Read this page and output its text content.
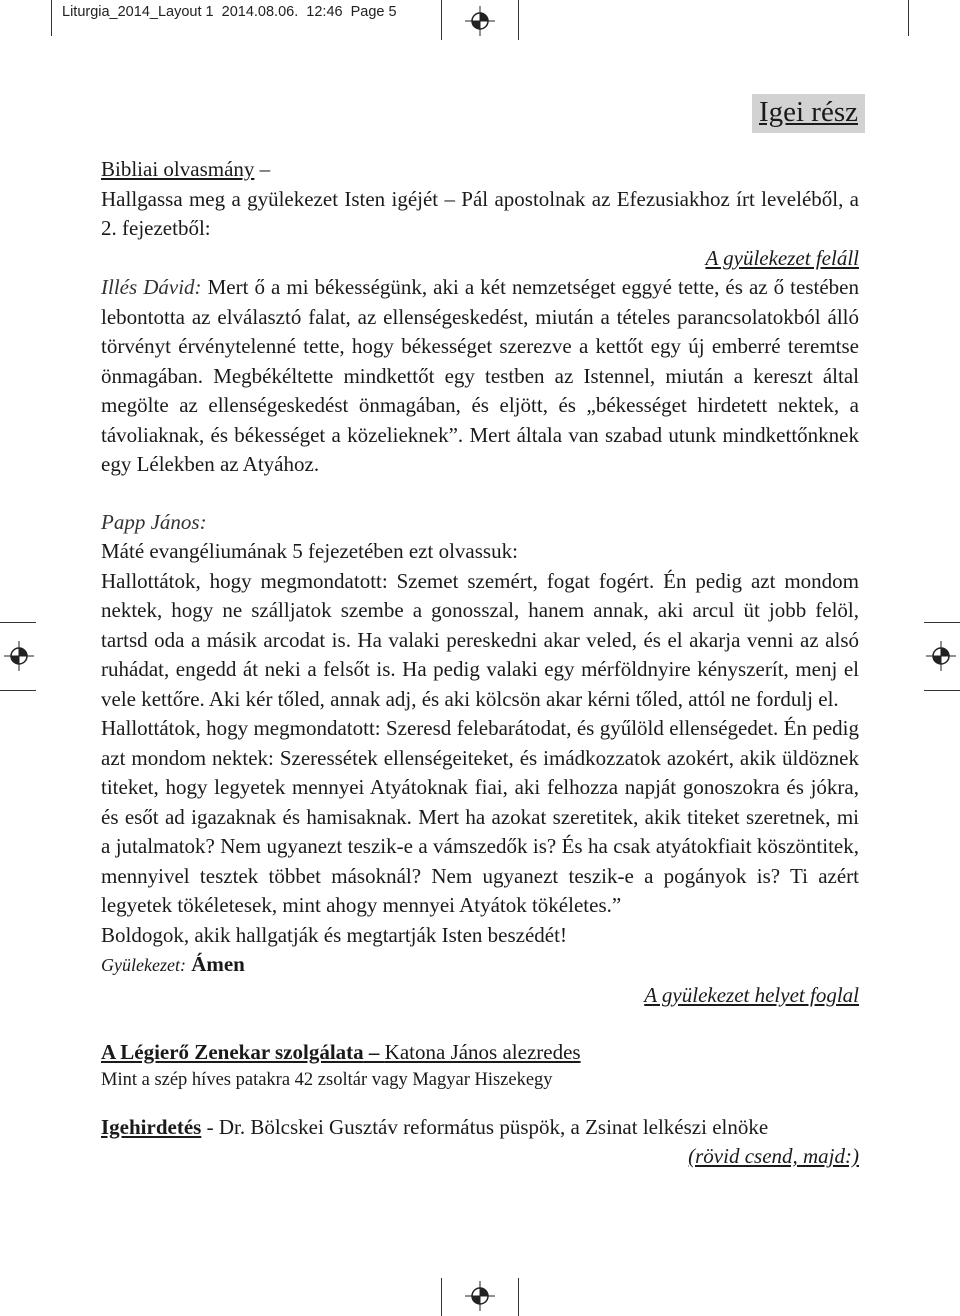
Liturgia_2014_Layout 1  2014.08.06.  12:46  Page 5
Igei rész

Bibliai olvasmány –

Hallgassa meg a gyülekezet Isten igéjét – Pál apostolnak az Efezusiakhoz írt leveléből, a 2. fejezetből:

A gyülekezet feláll

Illés Dávid: Mert ő a mi békességünk, aki a két nemzetséget eggyé tette, és az ő testében lebontotta az elválasztó falat, az ellenségeskedést, miután a tételes parancsolatokból álló törvényt érvénytelenné tette, hogy békességet szerezve a kettőt egy új emberré teremtse önmagában. Megbékéltette mindkettőt egy testben az Istennel, miután a kereszt által megölte az ellenségeskedést önmagában, és eljött, és „békességet hirdetett nektek, a távoliaknak, és békességet a közelieknek”. Mert általa van szabad utunk mindkettőnknek egy Lélekben az Atyához.

Papp János:

Máté evangéliumának 5 fejezetében ezt olvassuk:

Hallottátok, hogy megmondatott: Szemet szemért, fogat fogért. Én pedig azt mondom nektek, hogy ne szálljatok szembe a gonosszal, hanem annak, aki arcul üt jobb felöl, tartsd oda a másik arcodat is. Ha valaki pereskedni akar veled, és el akarja venni az alsó ruhádat, engedd át neki a felsőt is. Ha pedig valaki egy mérföldnyire kényszerít, menj el vele kettőre. Aki kér tőled, annak adj, és aki kölcsön akar kérni tőled, attól ne fordulj el.

Hallottátok, hogy megmondatott: Szeresd felebarátodat, és gyűlöld ellenségedet. Én pedig azt mondom nektek: Szeressétek ellenségeiteket, és imádkozzatok azokért, akik üldöznek titeket, hogy legyetek mennyei Atyátoknak fiai, aki felhozza napját gonoszokra és jókra, és esőt ad igazaknak és hamisaknak. Mert ha azokat szeretitek, akik titeket szeretnek, mi a jutalmatok? Nem ugyanezt teszik-e a vámszedők is? És ha csak atyátokfiait köszöntitek, mennyivel tesztek többet másoknál? Nem ugyanezt teszik-e a pogányok is? Ti azért legyetek tökéletesek, mint ahogy mennyei Atyátok tökéletes.”

Boldogok, akik hallgatják és megtartják Isten beszédét!

Gyülekezet: Ámen

A gyülekezet helyet foglal

A Légierő Zenekar szolgálata – Katona János alezredes

Mint a szép híves patakra 42 zsoltár vagy Magyar Hiszekegy

Igehirdetés - Dr. Bölcskei Gusztáv református püspök, a Zsinat lelkészi elnöke

(rövid csend, majd:)
